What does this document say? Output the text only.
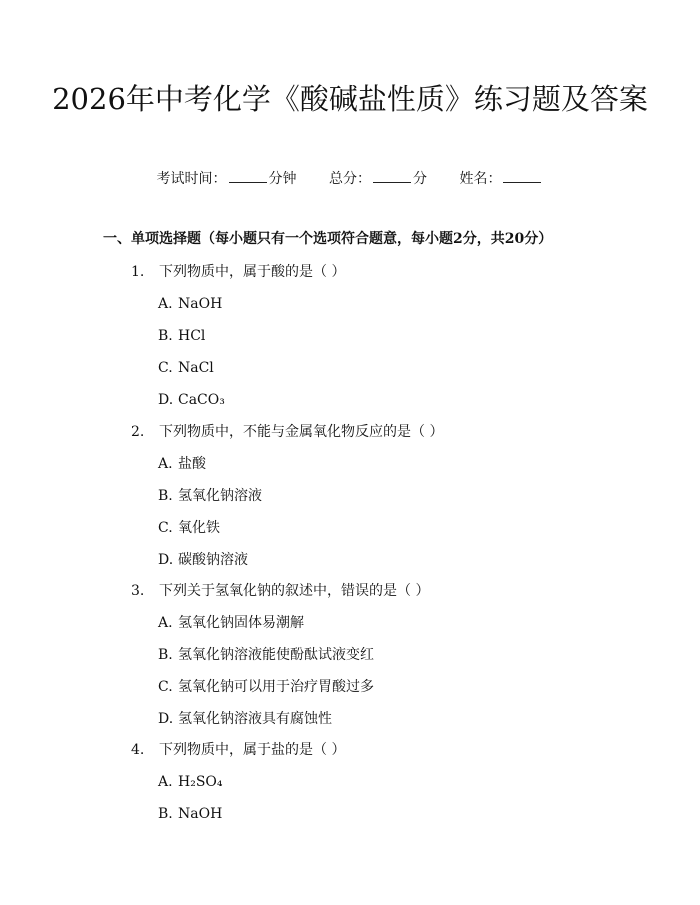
2026年中考化学《酸碱盐性质》练习题及答案
考试时间：	分钟 总分：	分 姓名：
一、单项选择题（每小题只有一个选项符合题意，每小题2分，共20分）
1. 下列物质中，属于酸的是（ ）
A. NaOH
B. HCl
C. NaCl
D. CaCO₃
2. 下列物质中，不能与金属氧化物反应的是（ ）
A. 盐酸
B. 氢氧化钠溶液
C. 氧化铁
D. 碳酸钠溶液
3. 下列关于氢氧化钠的叙述中，错误的是（ ）
A. 氢氧化钠固体易潮解
B. 氢氧化钠溶液能使酚酞试液变红
C. 氢氧化钠可以用于治疗胃酸过多
D. 氢氧化钠溶液具有腐蚀性
4. 下列物质中，属于盐的是（ ）
A. H₂SO₄
B. NaOH
